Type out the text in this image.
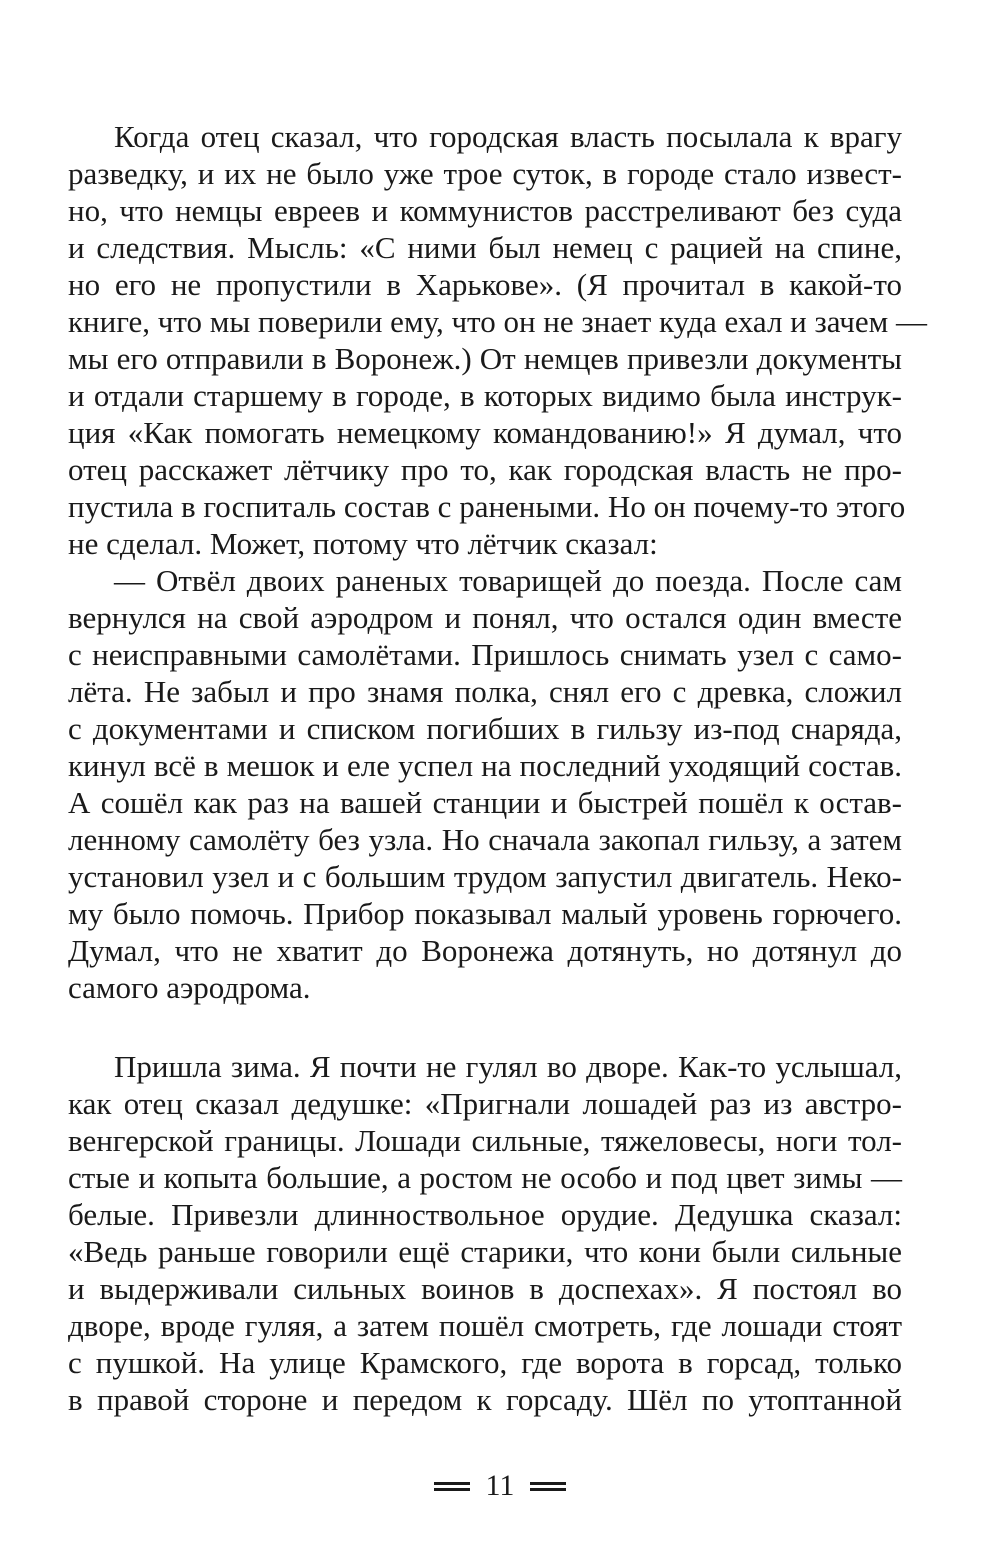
Когда отец сказал, что городская власть посылала к врагу
разведку, и их не было уже трое суток, в городе стало извест-
но, что немцы евреев и коммунистов расстреливают без суда
и следствия. Мысль: «С ними был немец с рацией на спине,
но его не пропустили в Харькове». (Я прочитал в какой-то
книге, что мы поверили ему, что он не знает куда ехал и зачем —
мы его отправили в Воронеж.) От немцев привезли документы
и отдали старшему в городе, в которых видимо была инструк-
ция «Как помогать немецкому командованию!» Я думал, что
отец расскажет лётчику про то, как городская власть не про-
пустила в госпиталь состав с ранеными. Но он почему-то этого
не сделал. Может, потому что лётчик сказал:
— Отвёл двоих раненых товарищей до поезда. После сам
вернулся на свой аэродром и понял, что остался один вместе
с неисправными самолётами. Пришлось снимать узел с само-
лёта. Не забыл и про знамя полка, снял его с древка, сложил
с документами и списком погибших в гильзу из-под снаряда,
кинул всё в мешок и еле успел на последний уходящий состав.
А сошёл как раз на вашей станции и быстрей пошёл к остав-
ленному самолёту без узла. Но сначала закопал гильзу, а затем
установил узел и с большим трудом запустил двигатель. Неко-
му было помочь. Прибор показывал малый уровень горючего.
Думал, что не хватит до Воронежа дотянуть, но дотянул до
самого аэродрома.
Пришла зима. Я почти не гулял во дворе. Как-то услышал,
как отец сказал дедушке: «Пригнали лошадей раз из австро-
венгерской границы. Лошади сильные, тяжеловесы, ноги тол-
стые и копыта большие, а ростом не особо и под цвет зимы —
белые. Привезли длинноствольное орудие. Дедушка сказал:
«Ведь раньше говорили ещё старики, что кони были сильные
и выдерживали сильных воинов в доспехах». Я постоял во
дворе, вроде гуляя, а затем пошёл смотреть, где лошади стоят
с пушкой. На улице Крамского, где ворота в горсад, только
в правой стороне и передом к горсаду. Шёл по утоптанной
11
